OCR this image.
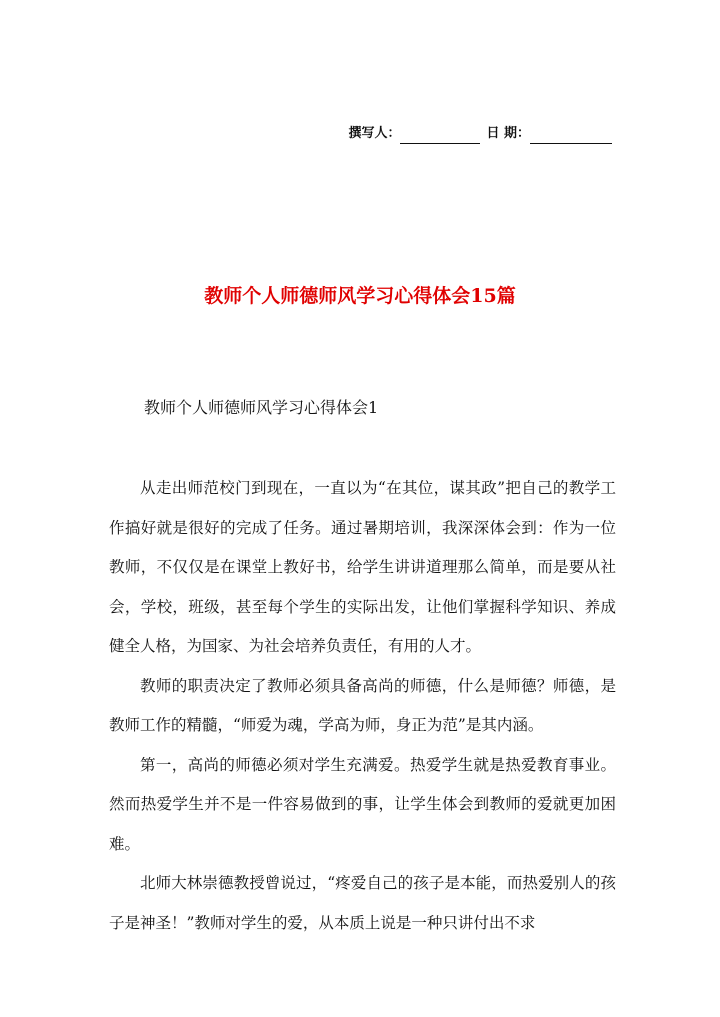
撰写人：	日 期：
教师个人师德师风学习心得体会15篇
教师个人师德师风学习心得体会1

从走出师范校门到现在，一直以为“在其位，谋其政”把自己的教学工作搞好就是很好的完成了任务。通过暑期培训，我深深体会到：作为一位教师，不仅仅是在课堂上教好书，给学生讲讲道理那么简单，而是要从社会，学校，班级，甚至每个学生的实际出发，让他们掌握科学知识、养成健全人格，为国家、为社会培养负责任，有用的人才。

教师的职责决定了教师必须具备高尚的师德，什么是师德？师德，是教师工作的精髓，“师爱为魂，学高为师，身正为范”是其内涵。

第一，高尚的师德必须对学生充满爱。热爱学生就是热爱教育事业。然而热爱学生并不是一件容易做到的事，让学生体会到教师的爱就更加困难。

北师大林崇德教授曾说过，“疼爱自己的孩子是本能，而热爱别人的孩子是神圣！”教师对学生的爱，从本质上说是一种只讲付出不求
